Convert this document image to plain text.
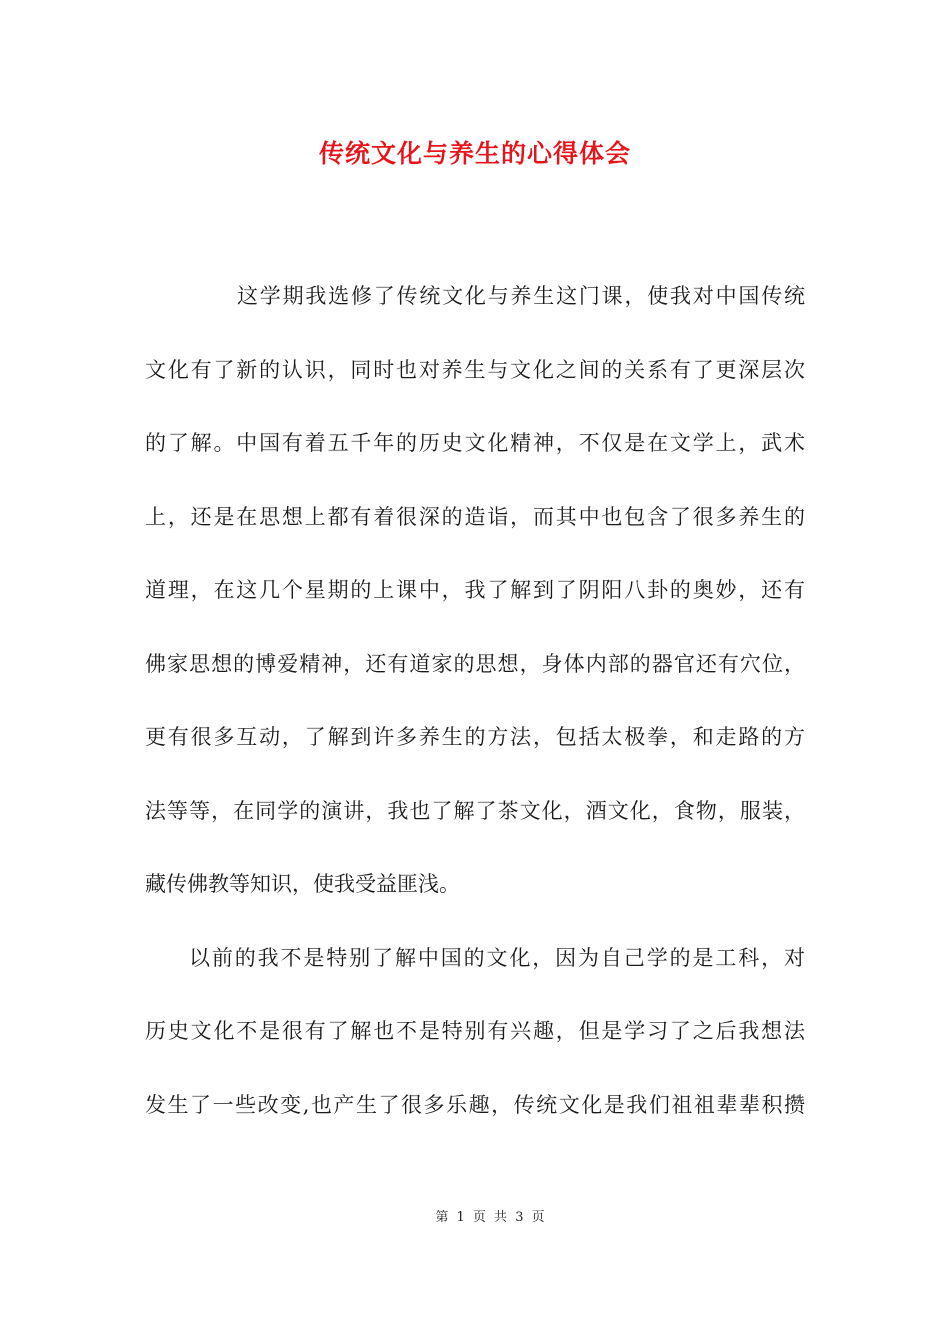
传统文化与养生的心得体会
这学期我选修了传统文化与养生这门课，使我对中国传统
文化有了新的认识，同时也对养生与文化之间的关系有了更深层次
的了解。中国有着五千年的历史文化精神，不仅是在文学上，武术
上，还是在思想上都有着很深的造诣，而其中也包含了很多养生的
道理，在这几个星期的上课中，我了解到了阴阳八卦的奥妙，还有
佛家思想的博爱精神，还有道家的思想，身体内部的器官还有穴位，
更有很多互动，了解到许多养生的方法，包括太极拳，和走路的方
法等等，在同学的演讲，我也了解了茶文化，酒文化，食物，服装，
藏传佛教等知识，使我受益匪浅。
以前的我不是特别了解中国的文化，因为自己学的是工科，对
历史文化不是很有了解也不是特别有兴趣，但是学习了之后我想法
发生了一些改变,也产生了很多乐趣，传统文化是我们祖祖辈辈积攒
第 1 页 共 3 页
